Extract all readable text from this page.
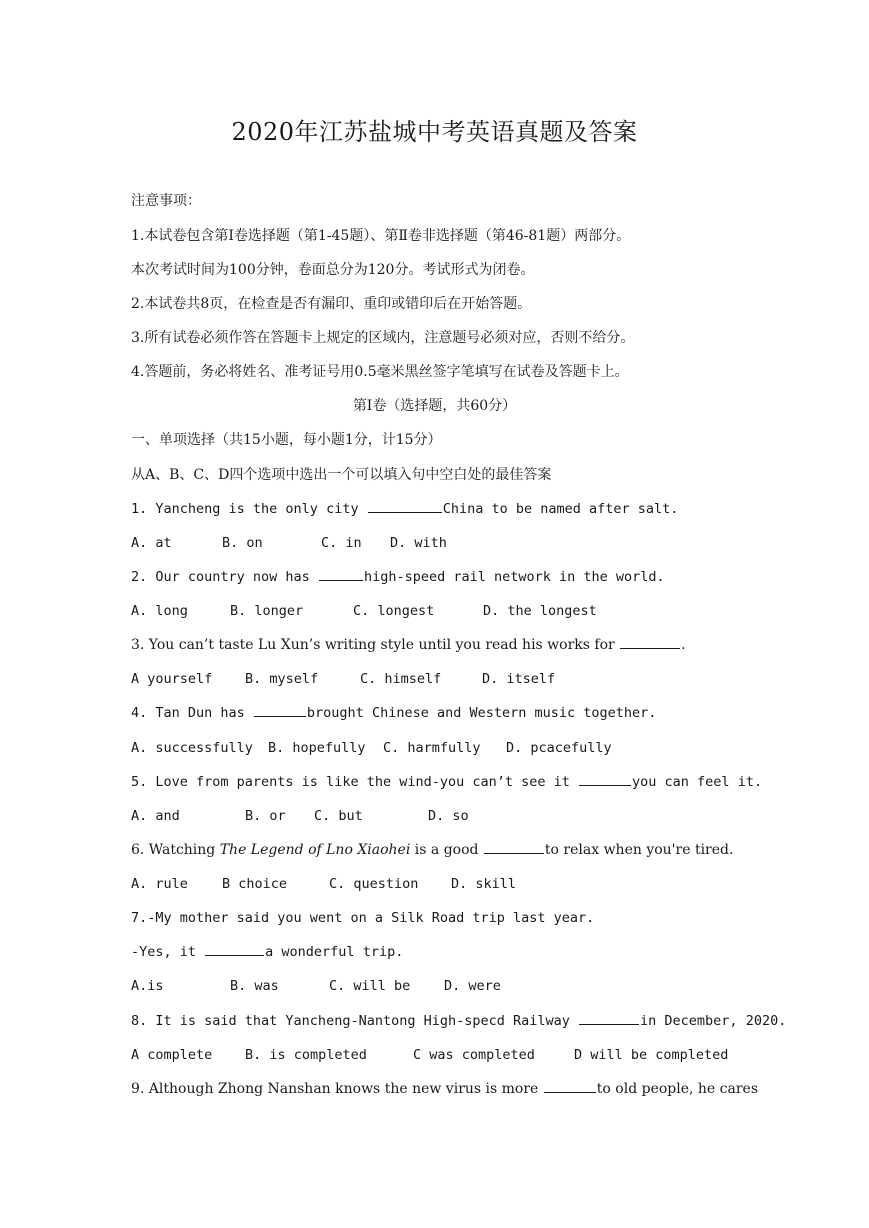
2020年江苏盐城中考英语真题及答案
注意事项：
1.本试卷包含第Ⅰ卷选择题（第1-45题）、第Ⅱ卷非选择题（第46-81题）两部分。
本次考试时间为100分钟，卷面总分为120分。考试形式为闭卷。
2.本试卷共8页，在检查是否有漏印、重印或错印后在开始答题。
3.所有试卷必须作答在答题卡上规定的区域内，注意题号必须对应，否则不给分。
4.答题前，务必将姓名、准考证号用0.5毫米黑丝签字笔填写在试卷及答题卡上。
第Ⅰ卷（选择题，共60分）
一、单项选择（共15小题，每小题1分，计15分）
从A、B、C、D四个选项中选出一个可以填入句中空白处的最佳答案
1. Yancheng is the only city	China to be named after salt.
A. at	B. on	C. in D. with
2. Our country now has	high-speed rail network in the world.
A. long	B. longer	C. longest	D. the longest
3. You can’t taste Lu Xun’s writing style until you read his works for	.
A yourself B. myself	C. himself	D. itself
4. Tan Dun has	brought Chinese and Western music together.
A. successfully B. hopefully C. harmfully D. pcacefully
5. Love from parents is like the wind-you can’t see it	you can feel it.
A. and	B. or C. but	D. so
6. Watching The Legend of Lno Xiaohei is a good	to relax when you're tired.
A. rule	B choice	C. question D. skill
7.-My mother said you went on a Silk Road trip last year.
-Yes, it	a wonderful trip.
A.is	B. was	C. will be D. were
8. It is said that Yancheng-Nantong High-specd Railway	in December, 2020.
A complete B. is completed	C was completed	D will be completed
9. Although Zhong Nanshan knows the new virus is more	to old people, he cares
